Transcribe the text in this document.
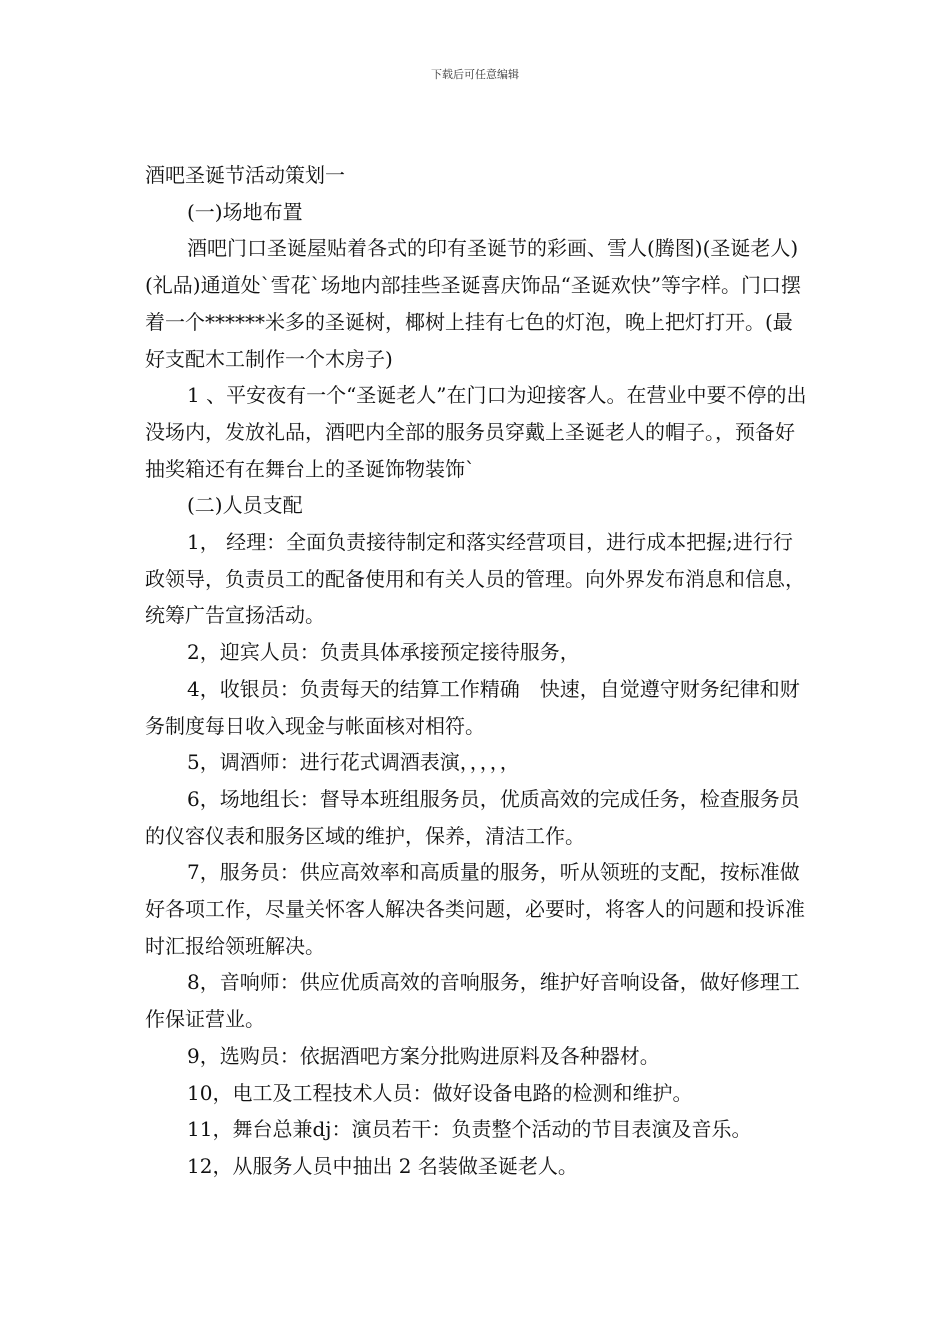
下载后可任意编辑

酒吧圣诞节活动策划一

(一)场地布置

酒吧门口圣诞屋贴着各式的印有圣诞节的彩画、雪人(腾图)(圣诞老人)(礼品)通道处`雪花`场地内部挂些圣诞喜庆饰品“圣诞欢快”等字样。门口摆着一个******米多的圣诞树，椰树上挂有七色的灯泡，晚上把灯打开。(最好支配木工制作一个木房子)

1 、平安夜有一个“圣诞老人”在门口为迎接客人。在营业中要不停的出没场内，发放礼品，酒吧内全部的服务员穿戴上圣诞老人的帽子。，预备好抽奖箱还有在舞台上的圣诞饰物装饰`

(二)人员支配

1， 经理：全面负责接待制定和落实经营项目，进行成本把握;进行行政领导，负责员工的配备使用和有关人员的管理。向外界发布消息和信息，统筹广告宣扬活动。

2，迎宾人员：负责具体承接预定接待服务，

4，收银员：负责每天的结算工作精确　快速，自觉遵守财务纪律和财务制度每日收入现金与帐面核对相符。

5，调酒师：进行花式调酒表演，，，，，

6，场地组长：督导本班组服务员，优质高效的完成任务，检查服务员的仪容仪表和服务区域的维护，保养，清洁工作。

7，服务员：供应高效率和高质量的服务，听从领班的支配，按标准做好各项工作，尽量关怀客人解决各类问题，必要时，将客人的问题和投诉准时汇报给领班解决。

8，音响师：供应优质高效的音响服务，维护好音响设备，做好修理工作保证营业。

9，选购员：依据酒吧方案分批购进原料及各种器材。

10，电工及工程技术人员：做好设备电路的检测和维护。

11，舞台总兼dj：演员若干：负责整个活动的节目表演及音乐。

12，从服务人员中抽出 2 名装做圣诞老人。
